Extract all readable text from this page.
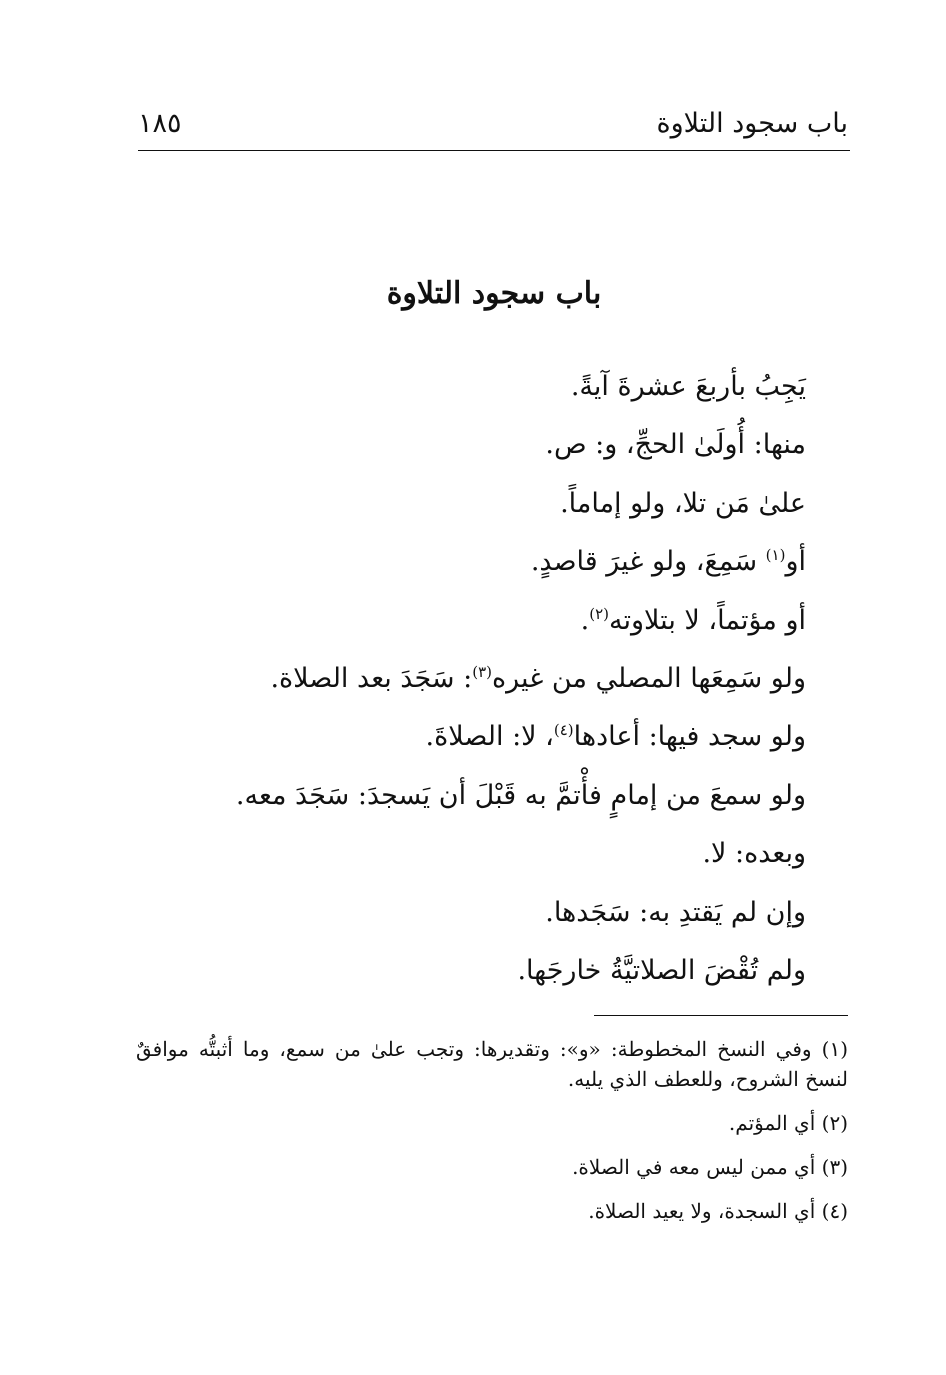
باب سجود التلاوة
١٨٥
باب سجود التلاوة
يَجِبُ بأربعَ عشرةَ آيةً.
منها: أُولَىٰ الحجِّ، و: ص.
علىٰ مَن تلا، ولو إماماً.
أو$^{(١)}$ سَمِعَ، ولو غيرَ قاصدٍ.
أو مؤتماً، لا بتلاوته$^{(٢)}$.
ولو سَمِعَها المصلي من غيره$^{(٣)}$: سَجَدَ بعد الصلاة.
ولو سجد فيها: أعادها$^{(٤)}$، لا: الصلاةَ.
ولو سمعَ من إمامٍ فأْتمَّ به قَبْلَ أن يَسجدَ: سَجَدَ معه.
وبعده: لا.
وإن لم يَقتدِ به: سَجَدها.
ولم تُقْضَ الصلاتيَّةُ خارجَها.
(١) وفي النسخ المخطوطة: «و»: وتقديرها: وتجب علىٰ من سمع، وما أثبتُّه موافقٌ لنسخ الشروح، وللعطف الذي يليه.
(٢) أي المؤتم.
(٣) أي ممن ليس معه في الصلاة.
(٤) أي السجدة، ولا يعيد الصلاة.
